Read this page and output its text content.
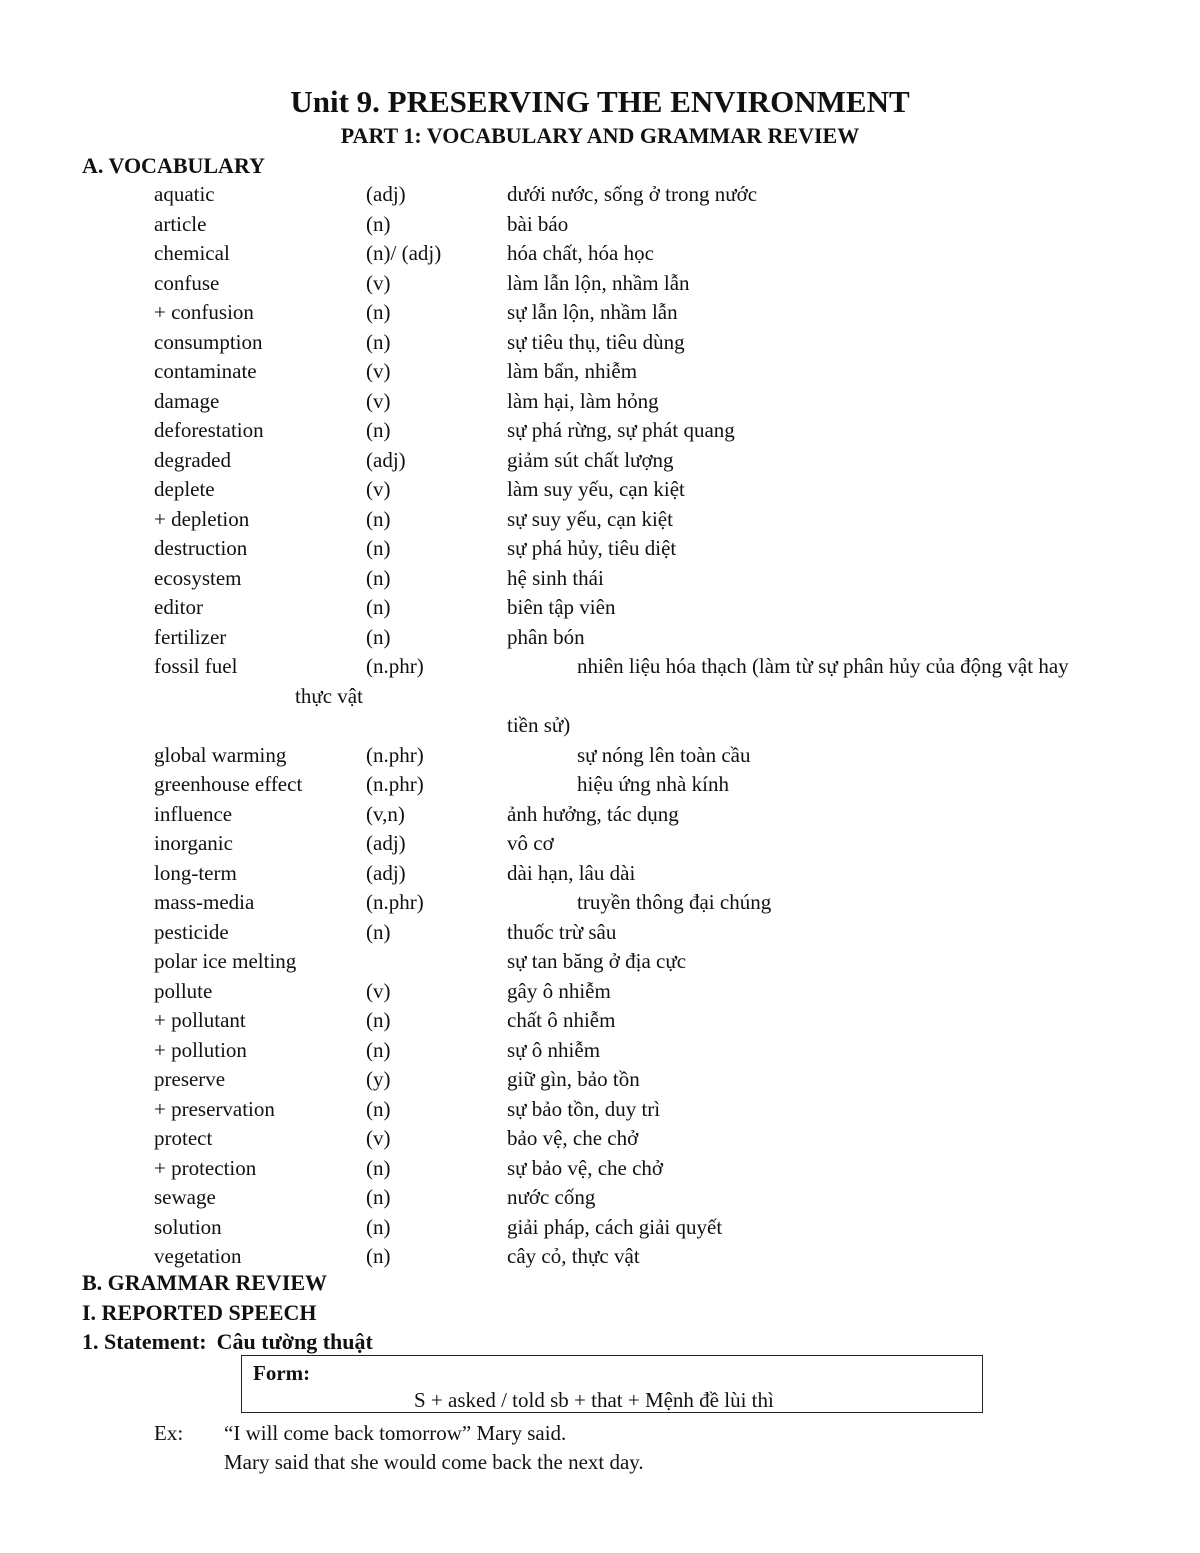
Unit 9. PRESERVING THE ENVIRONMENT
PART 1: VOCABULARY AND GRAMMAR REVIEW
A. VOCABULARY
aquatic	(adj)	dưới nước, sống ở trong nước
article	(n)	bài báo
chemical	(n)/ (adj)	hóa chất, hóa học
confuse	(v)	làm lẫn lộn, nhầm lẫn
+ confusion	(n)	sự lẫn lộn, nhầm lẫn
consumption	(n)	sự tiêu thụ, tiêu dùng
contaminate	(v)	làm bẩn, nhiễm
damage	(v)	làm hại, làm hỏng
deforestation	(n)	sự phá rừng, sự phát quang
degraded	(adj)	giảm sút chất lượng
deplete	(v)	làm suy yếu, cạn kiệt
+ depletion	(n)	sự suy yếu, cạn kiệt
destruction	(n)	sự phá hủy, tiêu diệt
ecosystem	(n)	hệ sinh thái
editor	(n)	biên tập viên
fertilizer	(n)	phân bón
fossil fuel	(n.phr)	nhiên liệu hóa thạch (làm từ sự phân hủy của động vật hay
thực vật
tiền sử)
global warming	(n.phr)	sự nóng lên toàn cầu
greenhouse effect	(n.phr)	hiệu ứng nhà kính
influence	(v,n)	ảnh hưởng, tác dụng
inorganic	(adj)	vô cơ
long-term	(adj)	dài hạn, lâu dài
mass-media	(n.phr)	truyền thông đại chúng
pesticide	(n)	thuốc trừ sâu
polar ice melting	sự tan băng ở địa cực
pollute	(v)	gây ô nhiễm
+ pollutant	(n)	chất ô nhiễm
+ pollution	(n)	sự ô nhiễm
preserve	(y)	giữ gìn, bảo tồn
+ preservation	(n)	sự bảo tồn, duy trì
protect	(v)	bảo vệ, che chở
+ protection	(n)	sự bảo vệ, che chở
sewage	(n)	nước cống
solution	(n)	giải pháp, cách giải quyết
vegetation	(n)	cây cỏ, thực vật
B. GRAMMAR REVIEW
I. REPORTED SPEECH
1. Statement: Câu tường thuật
Form:
S + asked / told sb + that + Mệnh đề lùi thì
Ex: “I will come back tomorrow” Mary said.
Mary said that she would come back the next day.
